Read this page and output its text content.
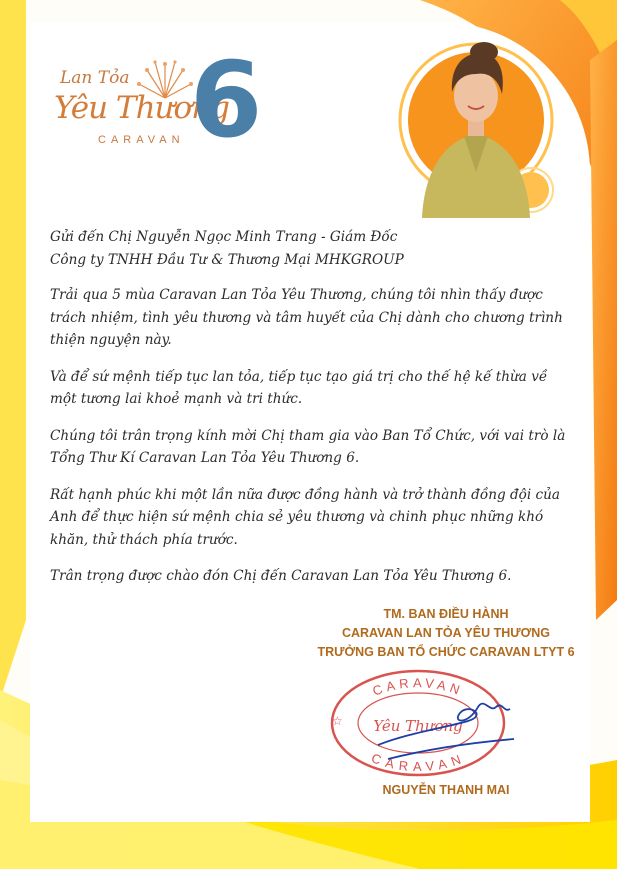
Lan Tỏa
Yêu Thương
CARAVAN 6

Gửi đến Chị Nguyễn Ngọc Minh Trang - Giám Đốc
Công ty TNHH Đầu Tư & Thương Mại MHKGROUP

Trải qua 5 mùa Caravan Lan Tỏa Yêu Thương, chúng tôi nhìn thấy được trách nhiệm, tình yêu thương và tâm huyết của Chị dành cho chương trình thiện nguyện này.

Và để sứ mệnh tiếp tục lan tỏa, tiếp tục tạo giá trị cho thế hệ kế thừa về một tương lai khoẻ mạnh và tri thức.

Chúng tôi trân trọng kính mời Chị tham gia vào Ban Tổ Chức, với vai trò là Tổng Thư Kí Caravan Lan Tỏa Yêu Thương 6.

Rất hạnh phúc khi một lần nữa được đồng hành và trở thành đồng đội của Anh để thực hiện sứ mệnh chia sẻ yêu thương và chinh phục những khó khăn, thử thách phía trước.

Trân trọng được chào đón Chị đến Caravan Lan Tỏa Yêu Thương 6.

TM. BAN ĐIỀU HÀNH
CARAVAN LAN TỎA YÊU THƯƠNG
TRƯỞNG BAN TỔ CHỨC CARAVAN LTYT 6
CARAVAN
CARAVAN
Yêu Thương
☆
NGUYỄN THANH MAI
